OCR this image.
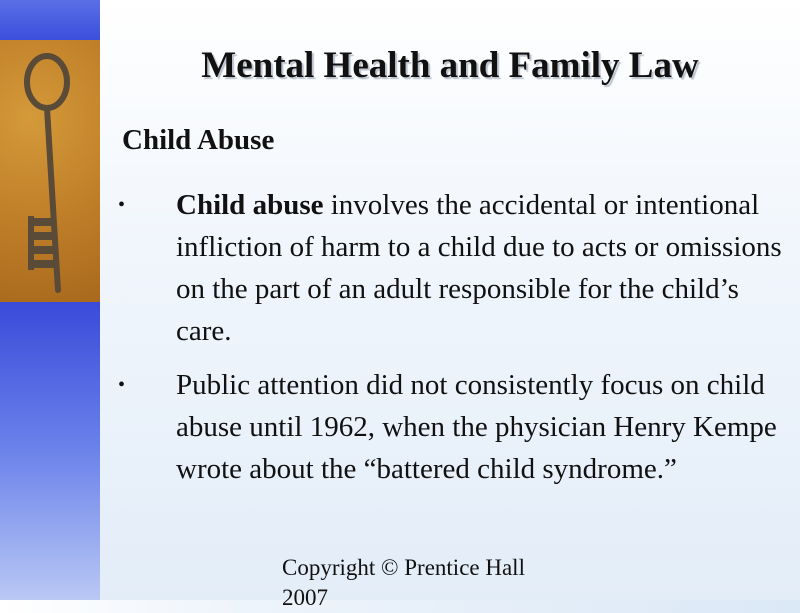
Mental Health and Family Law
Child Abuse
• Child abuse involves the accidental or intentional infliction of harm to a child due to acts or omissions on the part of an adult responsible for the child’s care.
• Public attention did not consistently focus on child abuse until 1962, when the physician Henry Kempe wrote about the “battered child syndrome.”
Copyright © Prentice Hall 2007
